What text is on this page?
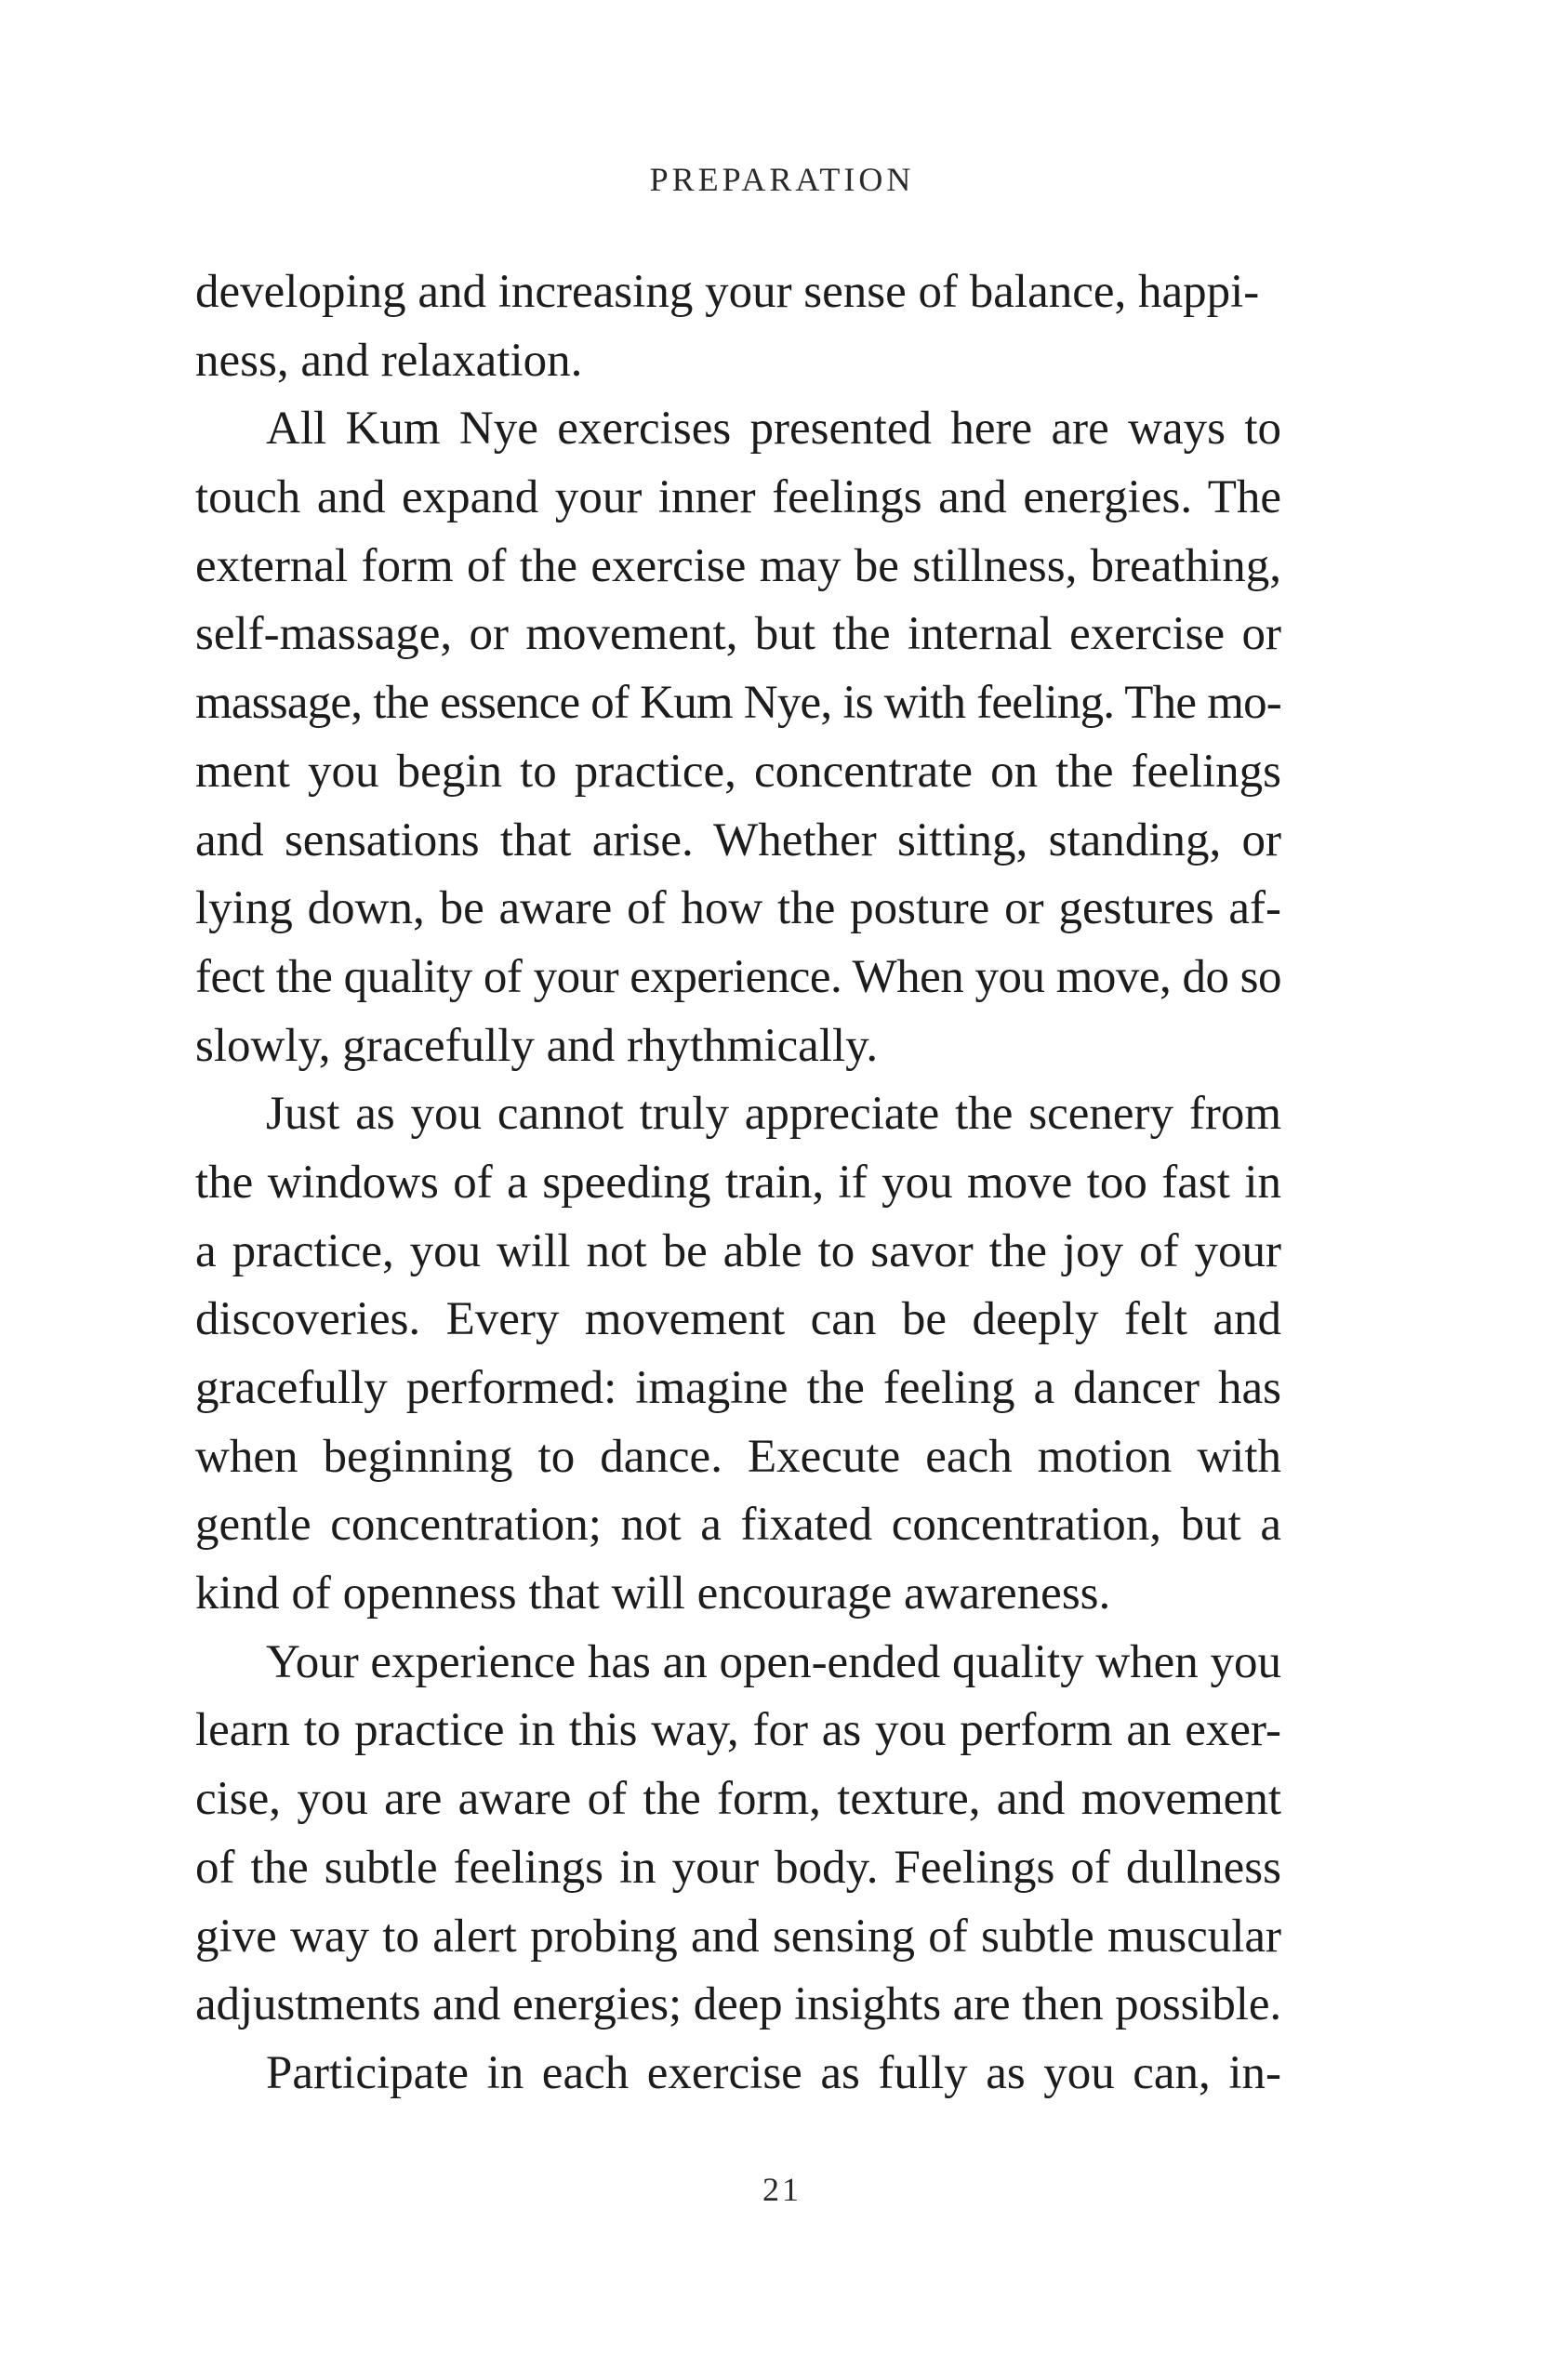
PREPARATION
developing and increasing your sense of balance, happi-
ness, and relaxation.
All Kum Nye exercises presented here are ways to
touch and expand your inner feelings and energies. The
external form of the exercise may be stillness, breathing,
self-massage, or movement, but the internal exercise or
massage, the essence of Kum Nye, is with feeling. The mo-
ment you begin to practice, concentrate on the feelings
and sensations that arise. Whether sitting, standing, or
lying down, be aware of how the posture or gestures af-
fect the quality of your experience. When you move, do so
slowly, gracefully and rhythmically.
Just as you cannot truly appreciate the scenery from
the windows of a speeding train, if you move too fast in
a practice, you will not be able to savor the joy of your
discoveries. Every movement can be deeply felt and
gracefully performed: imagine the feeling a dancer has
when beginning to dance. Execute each motion with
gentle concentration; not a fixated concentration, but a
kind of openness that will encourage awareness.
Your experience has an open-ended quality when you
learn to practice in this way, for as you perform an exer-
cise, you are aware of the form, texture, and movement
of the subtle feelings in your body. Feelings of dullness
give way to alert probing and sensing of subtle muscular
adjustments and energies; deep insights are then possible.
Participate in each exercise as fully as you can, in-
21
